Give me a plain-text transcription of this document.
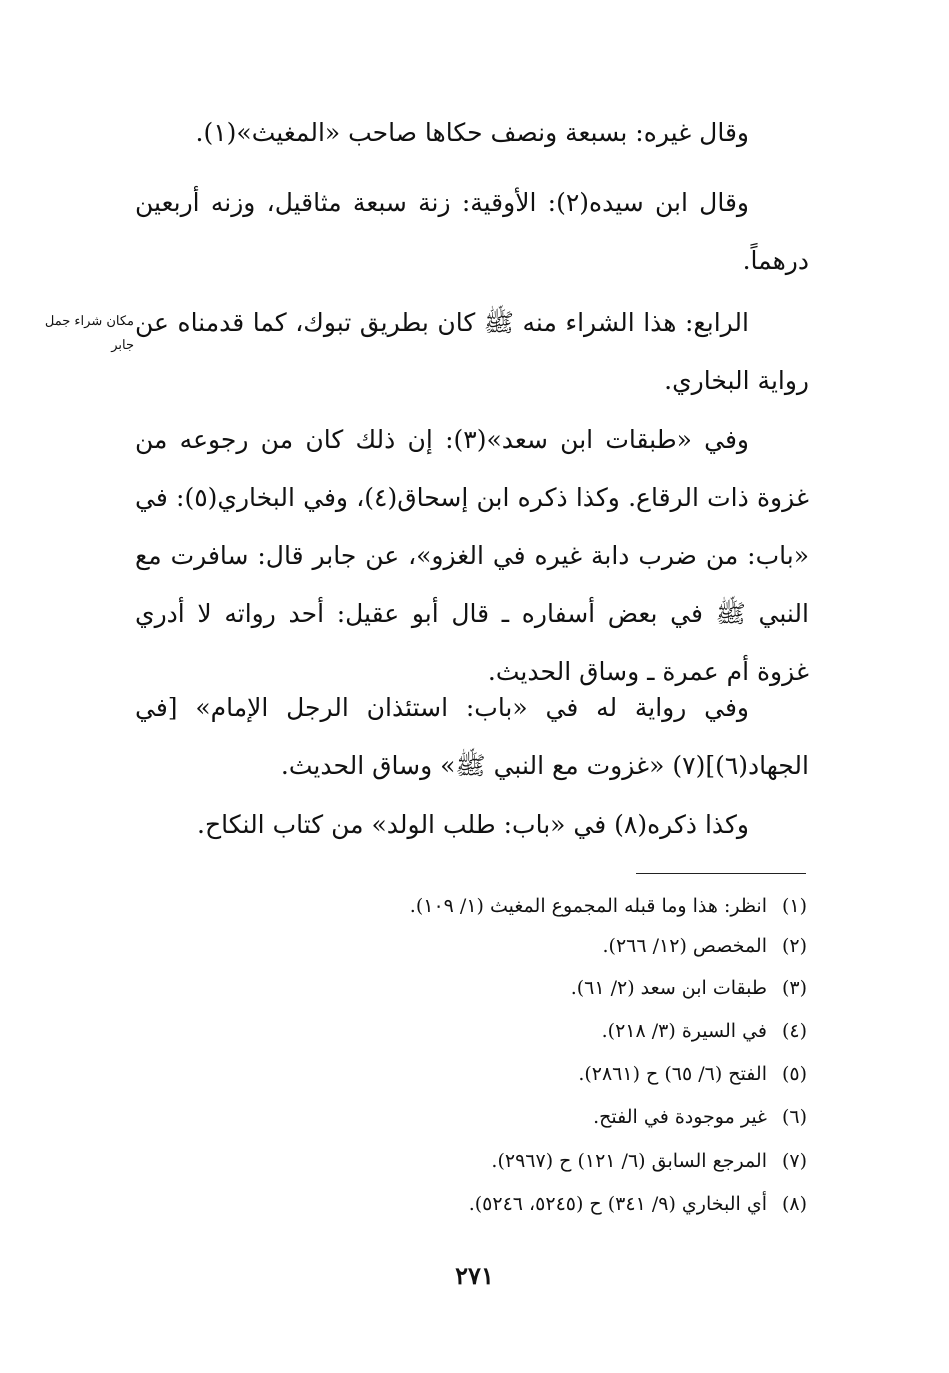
وقال غيره: بسبعة ونصف حكاها صاحب «المغيث»(١).

وقال ابن سيده(٢): الأوقية: زنة سبعة مثاقيل، وزنه أربعين درهماً.

الرابع: هذا الشراء منه ﷺ كان بطريق تبوك، كما قدمناه عن رواية البخاري.

وفي «طبقات ابن سعد»(٣): إن ذلك كان من رجوعه من غزوة ذات الرقاع. وكذا ذكره ابن إسحاق(٤)، وفي البخاري(٥): في «باب: من ضرب دابة غيره في الغزو»، عن جابر قال: سافرت مع النبي ﷺ في بعض أسفاره ـ قال أبو عقيل: أحد رواته لا أدري غزوة أم عمرة ـ وساق الحديث.

وفي رواية له في «باب: استئذان الرجل الإمام» [في الجهاد(٦)](٧) «غزوت مع النبي ﷺ» وساق الحديث.

وكذا ذكره(٨) في «باب: طلب الولد» من كتاب النكاح.

مكان شراء جمل جابر
(١)انظر: هذا وما قبله المجموع المغيث (١/ ١٠٩).
(٢)المخصص (١٢/ ٢٦٦).
(٣)طبقات ابن سعد (٢/ ٦١).
(٤)في السيرة (٣/ ٢١٨).
(٥)الفتح (٦/ ٦٥) ح (٢٨٦١).
(٦)غير موجودة في الفتح.
(٧)المرجع السابق (٦/ ١٢١) ح (٢٩٦٧).
(٨)أي البخاري (٩/ ٣٤١) ح (٥٢٤٥، ٥٢٤٦).
٢٧١
